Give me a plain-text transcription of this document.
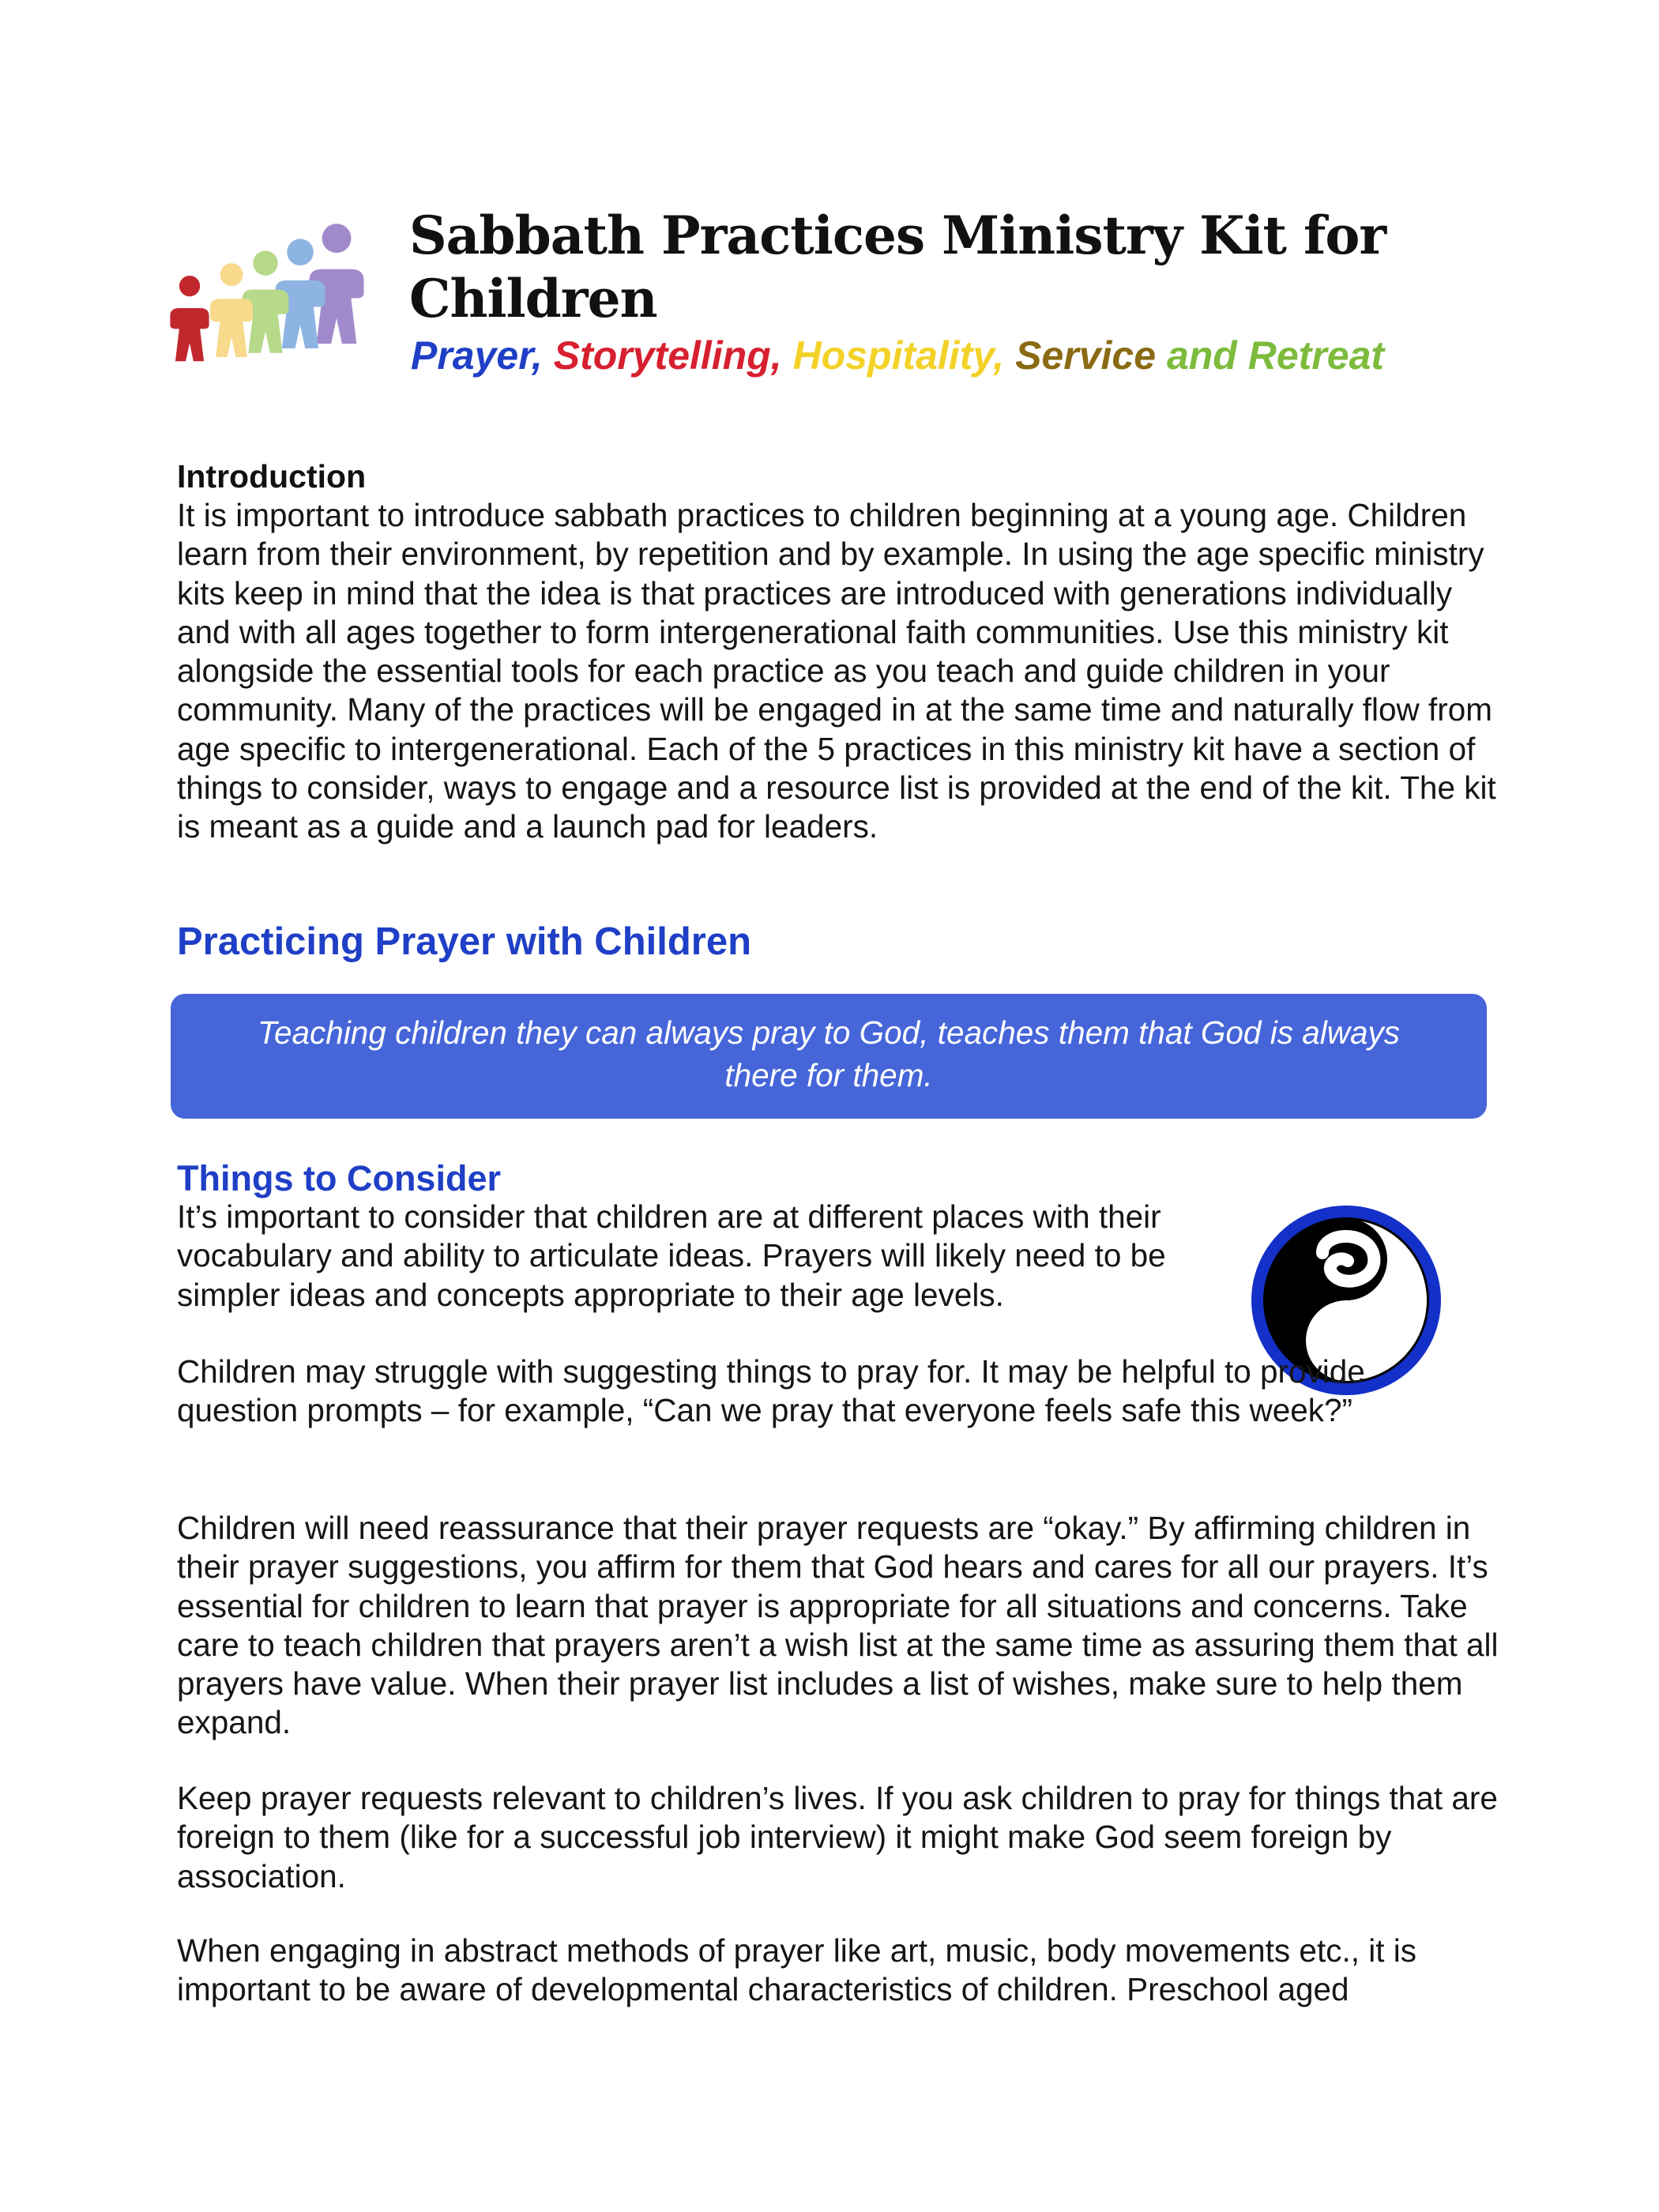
Sabbath Practices Ministry Kit for Children
Prayer, Storytelling, Hospitality, Service and Retreat
Introduction
It is important to introduce sabbath practices to children beginning at a young age. Children learn from their environment, by repetition and by example. In using the age specific ministry kits keep in mind that the idea is that practices are introduced with generations individually and with all ages together to form intergenerational faith communities. Use this ministry kit alongside the essential tools for each practice as you teach and guide children in your community. Many of the practices will be engaged in at the same time and naturally flow from age specific to intergenerational. Each of the 5 practices in this ministry kit have a section of things to consider, ways to engage and a resource list is provided at the end of the kit. The kit is meant as a guide and a launch pad for leaders.
Practicing Prayer with Children
Teaching children they can always pray to God, teaches them that God is always there for them.
Things to Consider
It’s important to consider that children are at different places with their vocabulary and ability to articulate ideas. Prayers will likely need to be simpler ideas and concepts appropriate to their age levels.
Children may struggle with suggesting things to pray for. It may be helpful to provide question prompts – for example, “Can we pray that everyone feels safe this week?”
Children will need reassurance that their prayer requests are “okay.” By affirming children in their prayer suggestions, you affirm for them that God hears and cares for all our prayers. It’s essential for children to learn that prayer is appropriate for all situations and concerns. Take care to teach children that prayers aren’t a wish list at the same time as assuring them that all prayers have value. When their prayer list includes a list of wishes, make sure to help them expand.
Keep prayer requests relevant to children’s lives. If you ask children to pray for things that are foreign to them (like for a successful job interview) it might make God seem foreign by association.
When engaging in abstract methods of prayer like art, music, body movements etc., it is important to be aware of developmental characteristics of children. Preschool aged
